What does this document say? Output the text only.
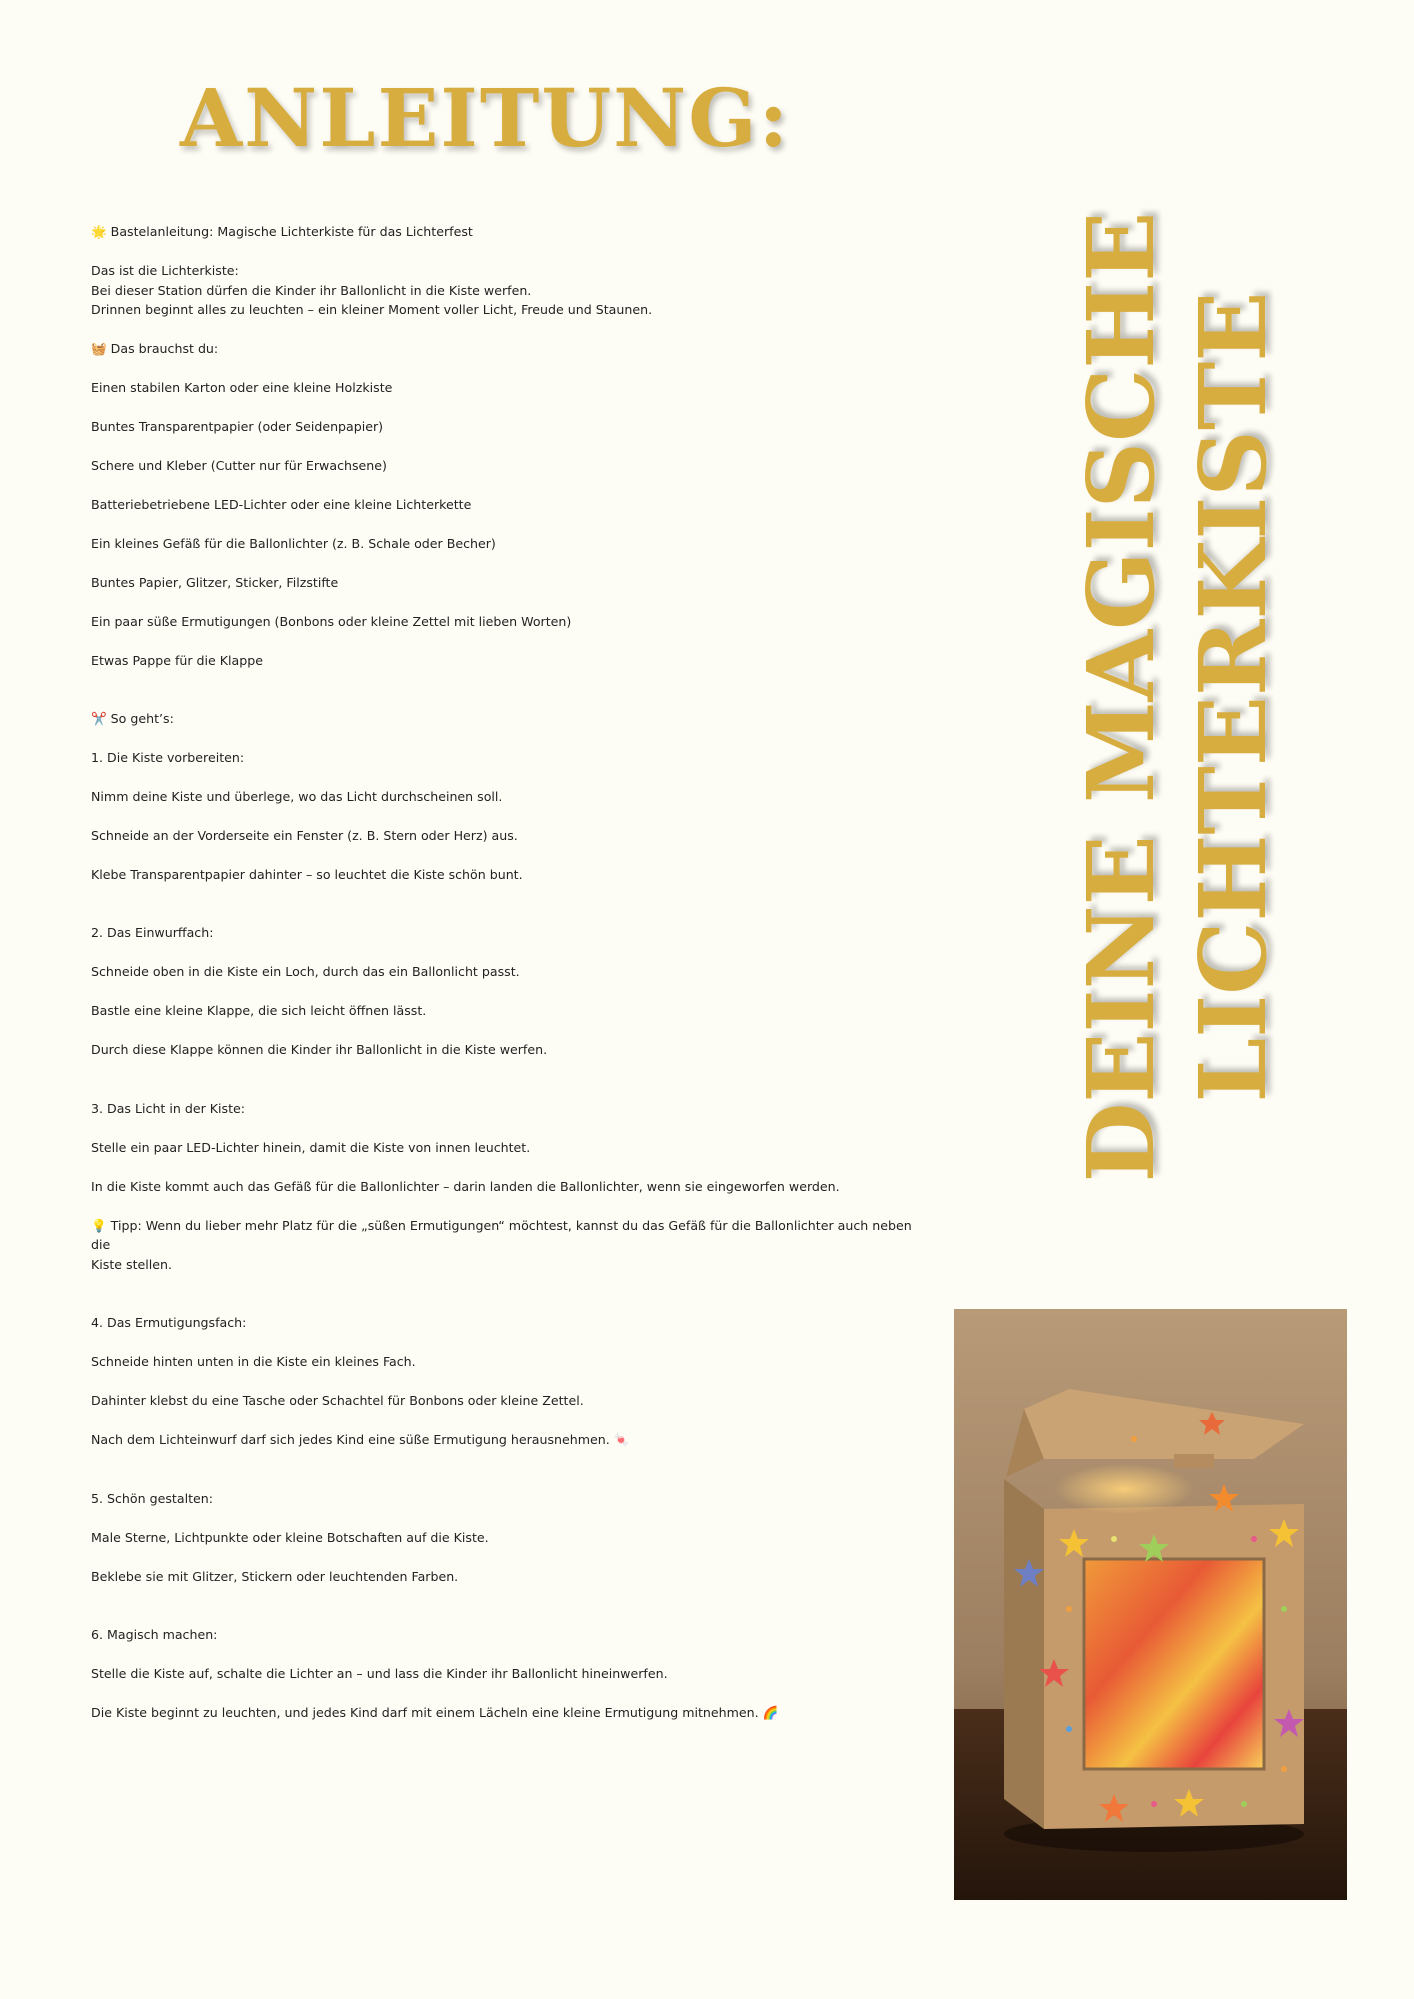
ANLEITUNG:

🌟 Bastelanleitung: Magische Lichterkiste für das Lichterfest

Das ist die Lichterkiste:

Bei dieser Station dürfen die Kinder ihr Ballonlicht in die Kiste werfen.

Drinnen beginnt alles zu leuchten – ein kleiner Moment voller Licht, Freude und Staunen.

🧺 Das brauchst du:

Einen stabilen Karton oder eine kleine Holzkiste

Buntes Transparentpapier (oder Seidenpapier)

Schere und Kleber (Cutter nur für Erwachsene)

Batteriebetriebene LED-Lichter oder eine kleine Lichterkette

Ein kleines Gefäß für die Ballonlichter (z. B. Schale oder Becher)

Buntes Papier, Glitzer, Sticker, Filzstifte

Ein paar süße Ermutigungen (Bonbons oder kleine Zettel mit lieben Worten)

Etwas Pappe für die Klappe

✂️ So geht’s:

1. Die Kiste vorbereiten:

Nimm deine Kiste und überlege, wo das Licht durchscheinen soll.

Schneide an der Vorderseite ein Fenster (z. B. Stern oder Herz) aus.

Klebe Transparentpapier dahinter – so leuchtet die Kiste schön bunt.

2. Das Einwurffach:

Schneide oben in die Kiste ein Loch, durch das ein Ballonlicht passt.

Bastle eine kleine Klappe, die sich leicht öffnen lässt.

Durch diese Klappe können die Kinder ihr Ballonlicht in die Kiste werfen.

3. Das Licht in der Kiste:

Stelle ein paar LED-Lichter hinein, damit die Kiste von innen leuchtet.

In die Kiste kommt auch das Gefäß für die Ballonlichter – darin landen die Ballonlichter, wenn sie eingeworfen werden.

💡 Tipp: Wenn du lieber mehr Platz für die „süßen Ermutigungen“ möchtest, kannst du das Gefäß für die Ballonlichter auch neben die

Kiste stellen.

4. Das Ermutigungsfach:

Schneide hinten unten in die Kiste ein kleines Fach.

Dahinter klebst du eine Tasche oder Schachtel für Bonbons oder kleine Zettel.

Nach dem Lichteinwurf darf sich jedes Kind eine süße Ermutigung herausnehmen. 🍬

5. Schön gestalten:

Male Sterne, Lichtpunkte oder kleine Botschaften auf die Kiste.

Beklebe sie mit Glitzer, Stickern oder leuchtenden Farben.

6. Magisch machen:

Stelle die Kiste auf, schalte die Lichter an – und lass die Kinder ihr Ballonlicht hineinwerfen.

Die Kiste beginnt zu leuchten, und jedes Kind darf mit einem Lächeln eine kleine Ermutigung mitnehmen. 🌈

DEINE MAGISCHE LICHTERKISTE
